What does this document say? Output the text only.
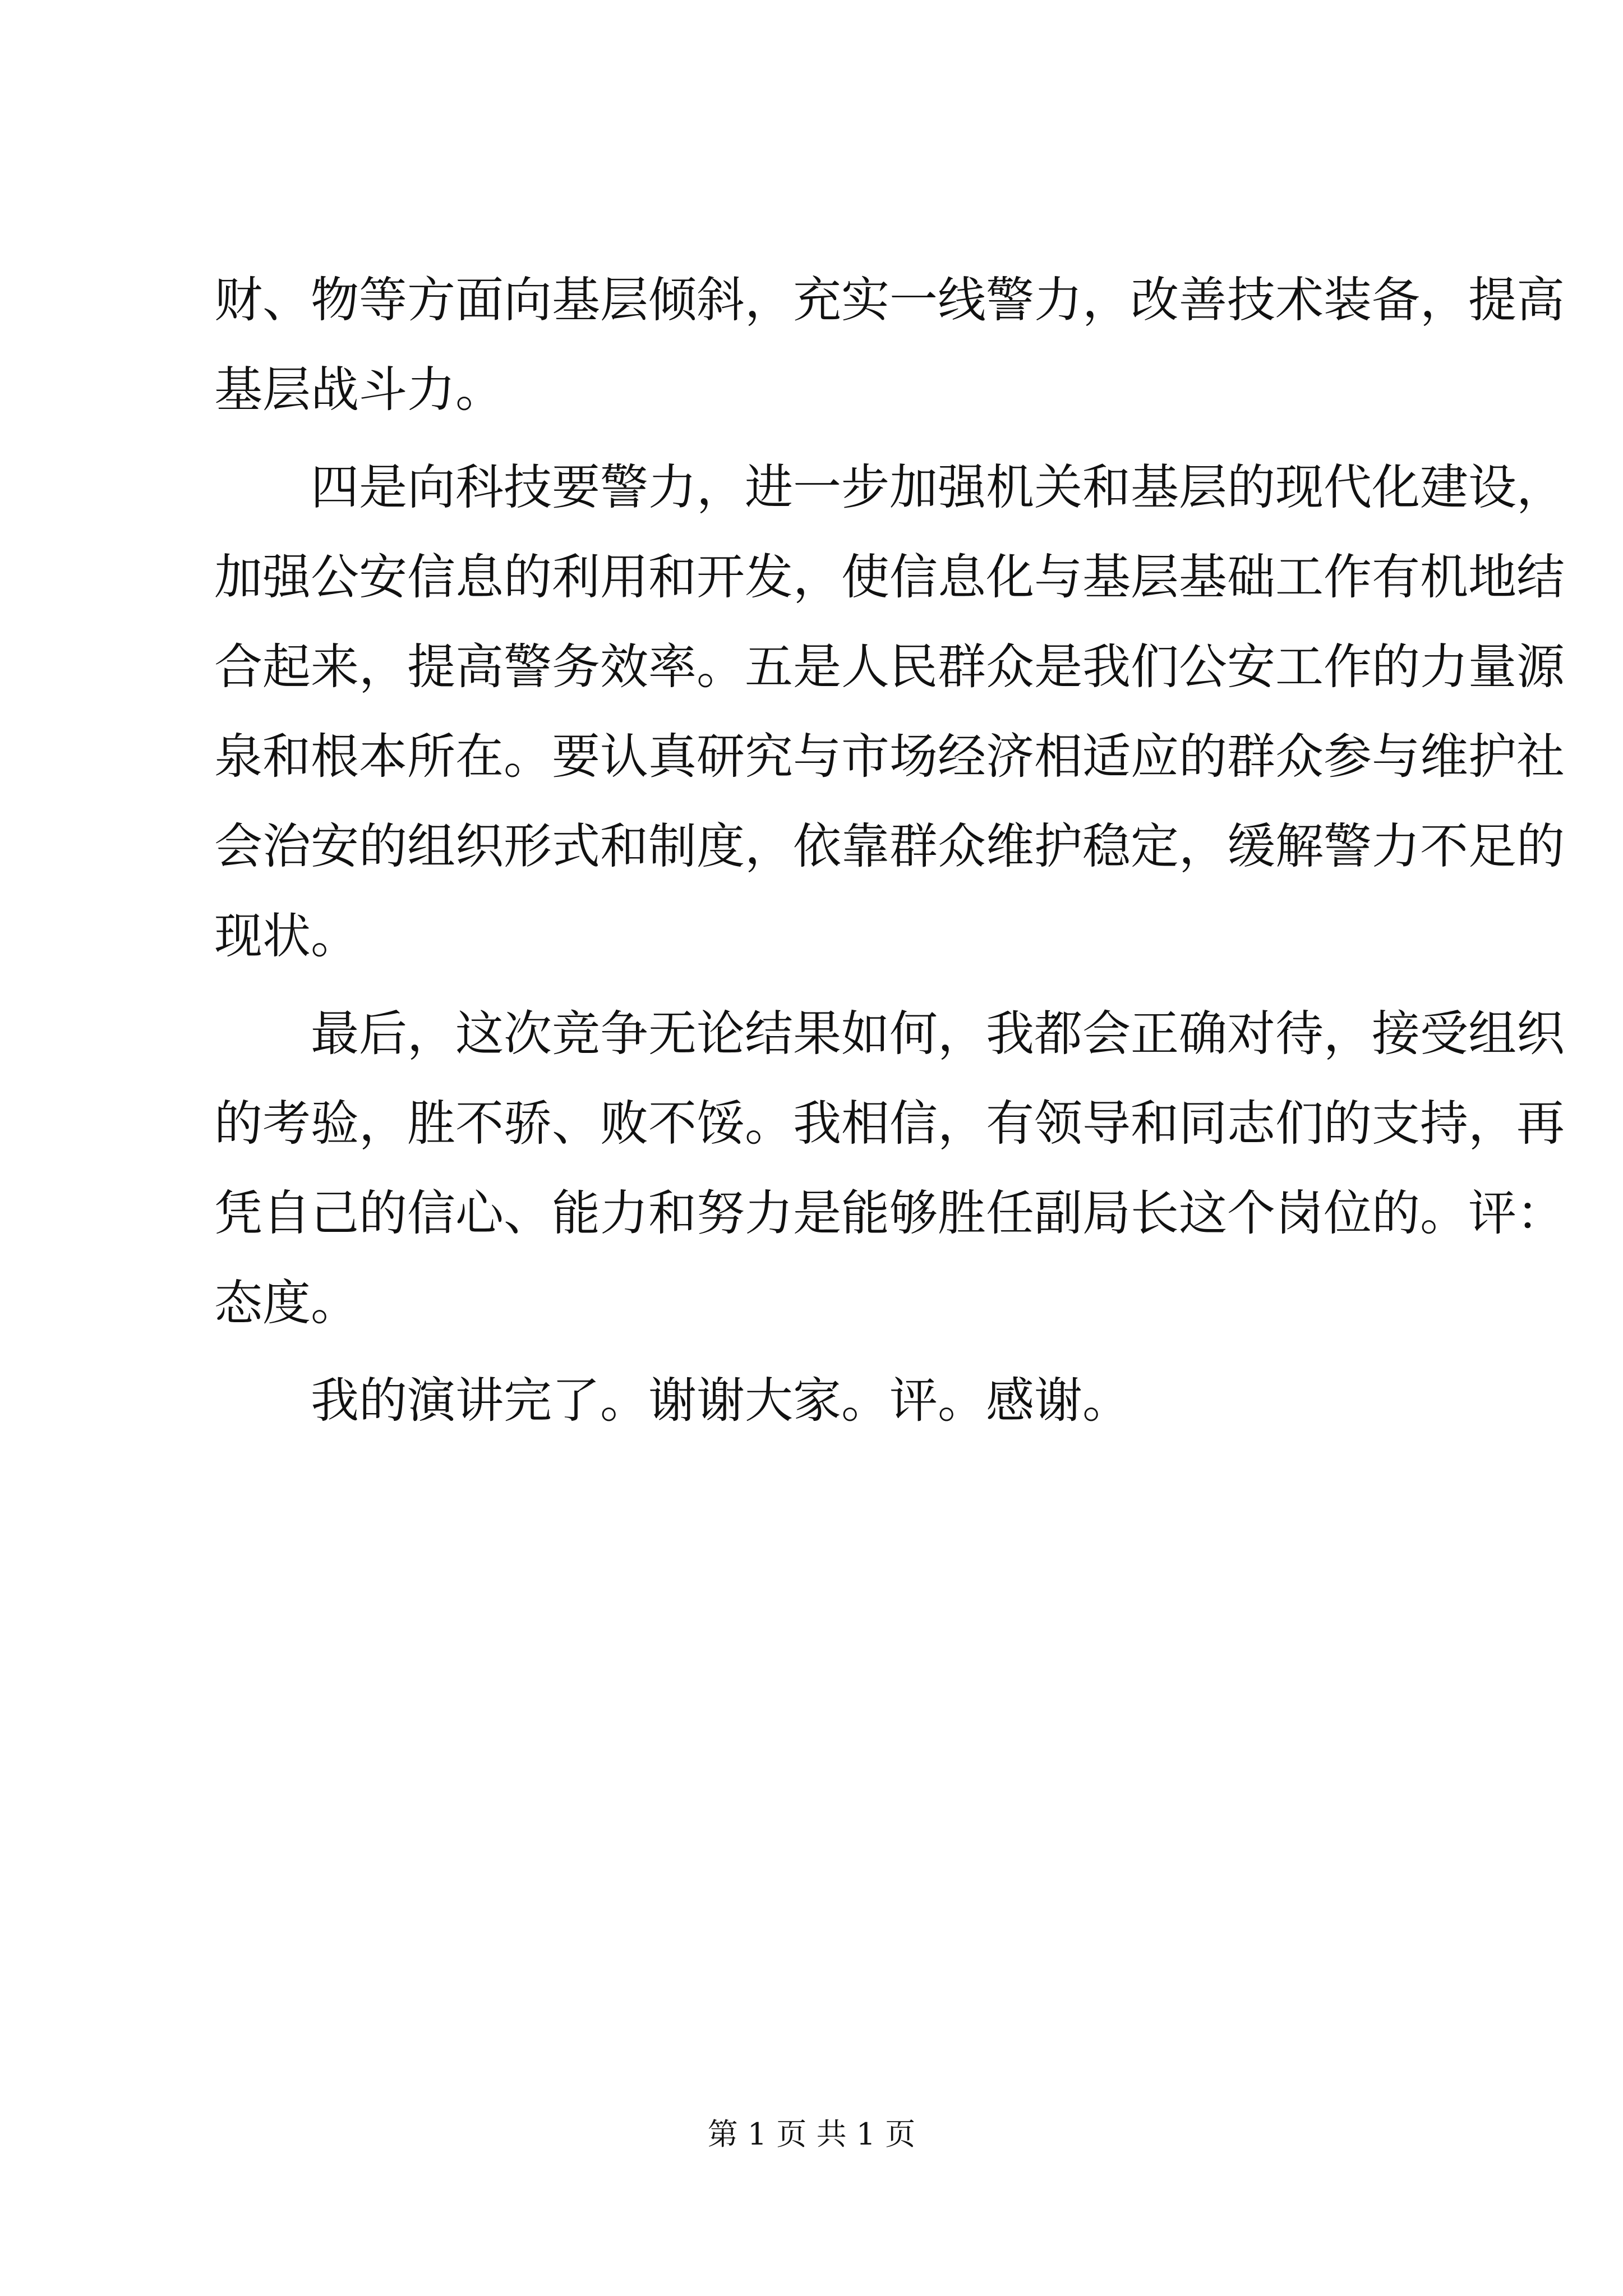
财、物等方面向基层倾斜，充实一线警力，改善技术装备，提高
基层战斗力。
四是向科技要警力，进一步加强机关和基层的现代化建设，
加强公安信息的利用和开发，使信息化与基层基础工作有机地结
合起来，提高警务效率。五是人民群众是我们公安工作的力量源
泉和根本所在。要认真研究与市场经济相适应的群众参与维护社
会治安的组织形式和制度，依靠群众维护稳定，缓解警力不足的
现状。
最后，这次竞争无论结果如何，我都会正确对待，接受组织
的考验，胜不骄、败不馁。我相信，有领导和同志们的支持，再
凭自己的信心、能力和努力是能够胜任副局长这个岗位的。评：
态度。
我的演讲完了。谢谢大家。评。感谢。
第 1 页 共 1 页
